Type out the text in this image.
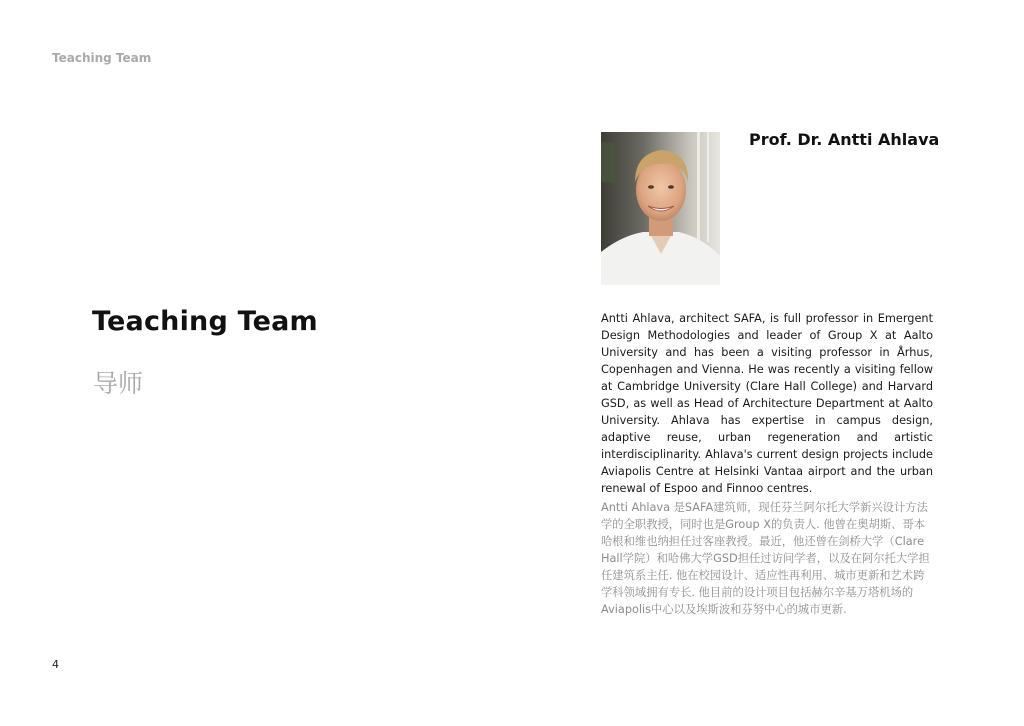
Teaching Team
Teaching Team
导师
Prof. Dr. Antti Ahlava

Antti Ahlava, architect SAFA, is full professor in Emergent Design Methodologies and leader of Group X at Aalto University and has been a visiting professor in Århus, Copenhagen and Vienna. He was recently a visiting fellow at Cambridge University (Clare Hall College) and Harvard GSD, as well as Head of Architecture Department at Aalto University. Ahlava has expertise in campus design, adaptive reuse, urban regeneration and artistic interdisciplinarity. Ahlava's current design projects include Aviapolis Centre at Helsinki Vantaa airport and the urban renewal of Espoo and Finnoo centres.

Antti Ahlava 是SAFA建筑师，现任芬兰阿尔托大学新兴设计方法学的全职教授，同时也是Group X的负责人. 他曾在奥胡斯、哥本哈根和维也纳担任过客座教授。最近，他还曾在剑桥大学（Clare Hall学院）和哈佛大学GSD担任过访问学者，以及在阿尔托大学担任建筑系主任. 他在校园设计、适应性再利用、城市更新和艺术跨学科领域拥有专长. 他目前的设计项目包括赫尔辛基万塔机场的Aviapolis中心以及埃斯波和芬努中心的城市更新.

4
